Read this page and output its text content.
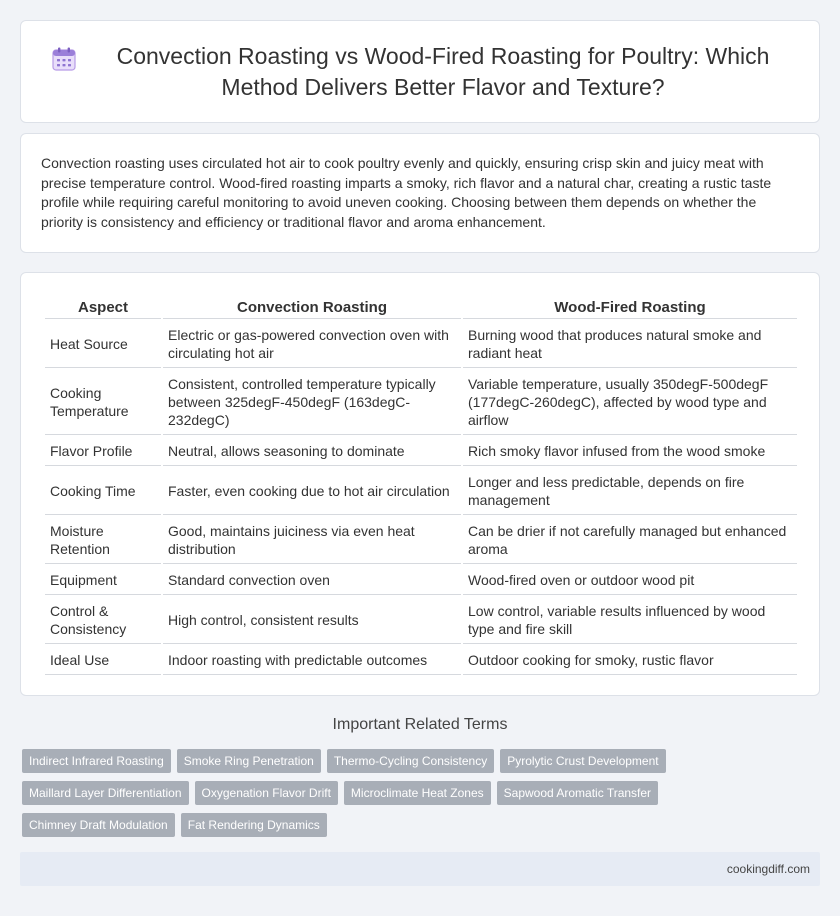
Convection Roasting vs Wood-Fired Roasting for Poultry: Which Method Delivers Better Flavor and Texture?

Convection roasting uses circulated hot air to cook poultry evenly and quickly, ensuring crisp skin and juicy meat with precise temperature control. Wood-fired roasting imparts a smoky, rich flavor and a natural char, creating a rustic taste profile while requiring careful monitoring to avoid uneven cooking. Choosing between them depends on whether the priority is consistency and efficiency or traditional flavor and aroma enhancement.

Aspect	Convection Roasting	Wood-Fired Roasting
Heat Source	Electric or gas-powered convection oven with circulating hot air	Burning wood that produces natural smoke and radiant heat
Cooking Temperature	Consistent, controlled temperature typically between 325degF-450degF (163degC-232degC)	Variable temperature, usually 350degF-500degF (177degC-260degC), affected by wood type and airflow
Flavor Profile	Neutral, allows seasoning to dominate	Rich smoky flavor infused from the wood smoke
Cooking Time	Faster, even cooking due to hot air circulation	Longer and less predictable, depends on fire management
Moisture Retention	Good, maintains juiciness via even heat distribution	Can be drier if not carefully managed but enhanced aroma
Equipment	Standard convection oven	Wood-fired oven or outdoor wood pit
Control & Consistency	High control, consistent results	Low control, variable results influenced by wood type and fire skill
Ideal Use	Indoor roasting with predictable outcomes	Outdoor cooking for smoky, rustic flavor
Important Related Terms
Indirect Infrared Roasting Smoke Ring Penetration Thermo-Cycling Consistency Pyrolytic Crust Development
Maillard Layer Differentiation Oxygenation Flavor Drift Microclimate Heat Zones Sapwood Aromatic Transfer
Chimney Draft Modulation Fat Rendering Dynamics
cookingdiff.com
